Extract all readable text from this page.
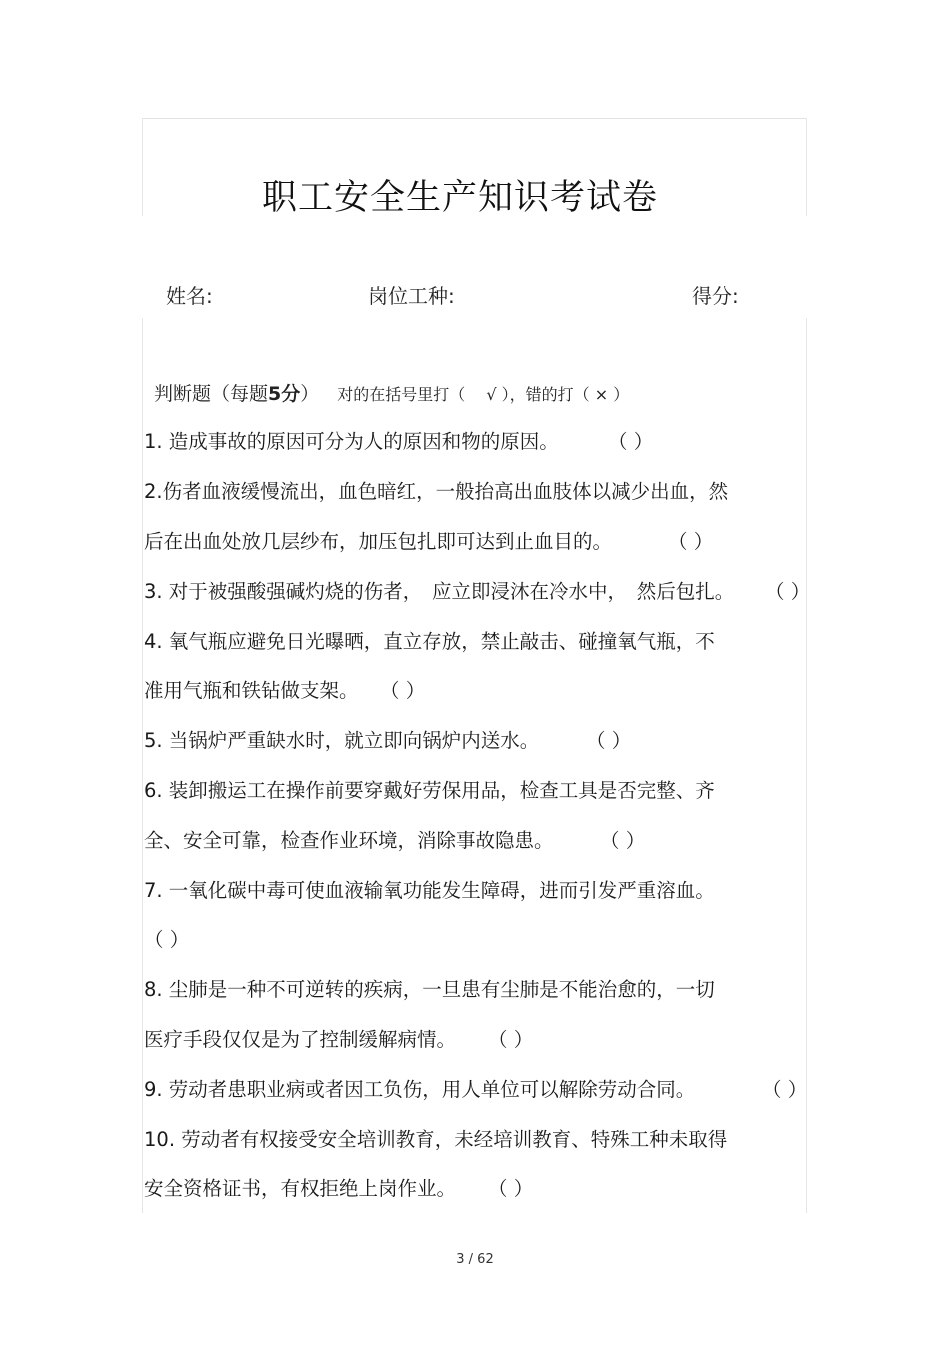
职工安全生产知识考试卷
姓名:	岗位工种:	得分:
判断题（每题5分） 对的在括号里打（　 √ ），错的打（ × ）
1. 造成事故的原因可分为人的原因和物的原因。	（ ）
2.伤者血液缓慢流出，血色暗红，一般抬高出血肢体以减少出血，然
后在出血处放几层纱布，加压包扎即可达到止血目的。	（ ）
3. 对于被强酸强碱灼烧的伤者，　应立即浸沐在冷水中，　然后包扎。 （ ）
4. 氧气瓶应避免日光曝晒，直立存放，禁止敲击、碰撞氧气瓶，不
准用气瓶和铁钻做支架。 （ ）
5. 当锅炉严重缺水时，就立即向锅炉内送水。 （ ）
6. 装卸搬运工在操作前要穿戴好劳保用品，检查工具是否完整、齐
全、安全可靠，检查作业环境，消除事故隐患。 （ ）
7. 一氧化碳中毒可使血液输氧功能发生障碍，进而引发严重溶血。
（ ）
8. 尘肺是一种不可逆转的疾病，一旦患有尘肺是不能治愈的，一切
医疗手段仅仅是为了控制缓解病情。 （ ）
9. 劳动者患职业病或者因工负伤，用人单位可以解除劳动合同。	（ ）
10. 劳动者有权接受安全培训教育，未经培训教育、特殊工种未取得
安全资格证书，有权拒绝上岗作业。 （ ）
3 / 62
